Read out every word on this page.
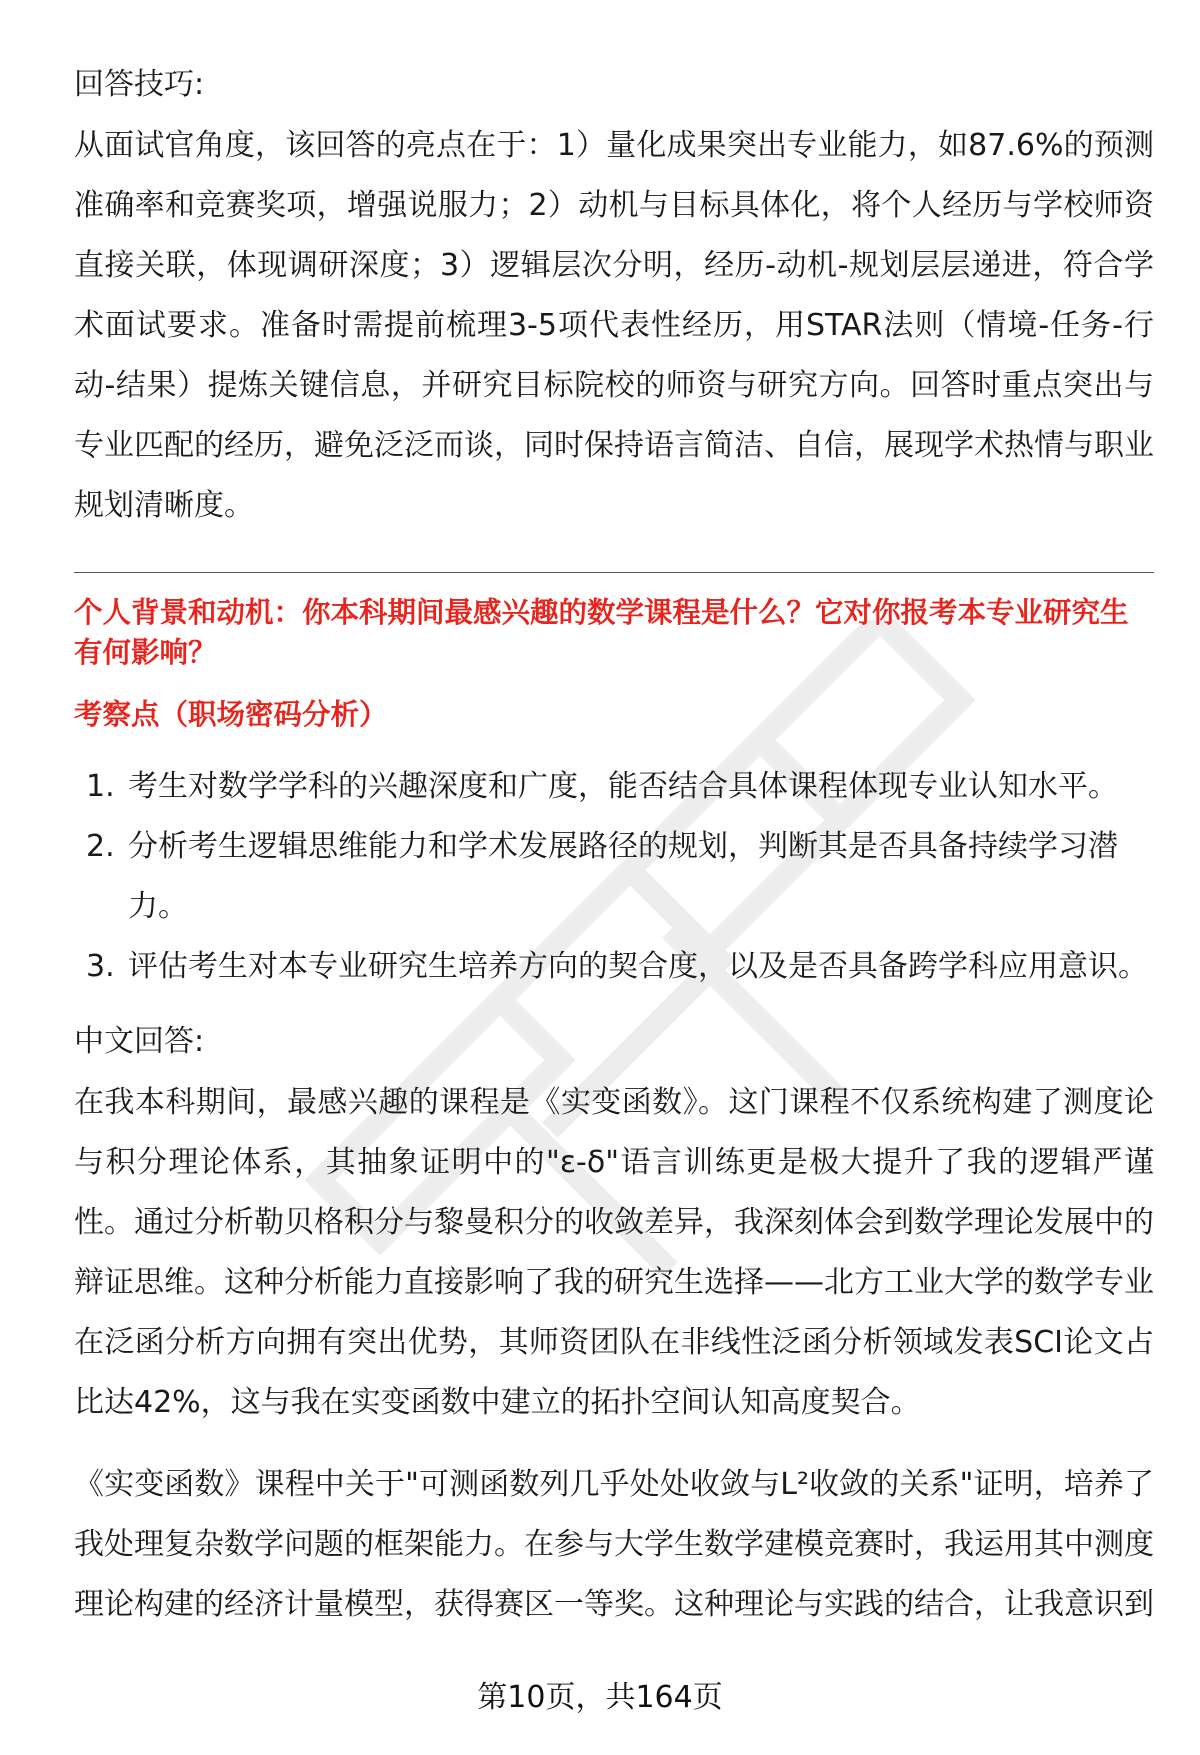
回答技巧:

从面试官角度，该回答的亮点在于：1）量化成果突出专业能力，如87.6%的预测准确率和竞赛奖项，增强说服力；2）动机与目标具体化，将个人经历与学校师资直接关联，体现调研深度；3）逻辑层次分明，经历-动机-规划层层递进，符合学术面试要求。准备时需提前梳理3-5项代表性经历，用STAR法则（情境-任务-行动-结果）提炼关键信息，并研究目标院校的师资与研究方向。回答时重点突出与专业匹配的经历，避免泛泛而谈，同时保持语言简洁、自信，展现学术热情与职业规划清晰度。

个人背景和动机：你本科期间最感兴趣的数学课程是什么？它对你报考本专业研究生有何影响？

考察点（职场密码分析）

1. 考生对数学学科的兴趣深度和广度，能否结合具体课程体现专业认知水平。
2. 分析考生逻辑思维能力和学术发展路径的规划，判断其是否具备持续学习潜力。
3. 评估考生对本专业研究生培养方向的契合度，以及是否具备跨学科应用意识。

中文回答:

在我本科期间，最感兴趣的课程是《实变函数》。这门课程不仅系统构建了测度论与积分理论体系，其抽象证明中的"ε-δ"语言训练更是极大提升了我的逻辑严谨性。通过分析勒贝格积分与黎曼积分的收敛差异，我深刻体会到数学理论发展中的辩证思维。这种分析能力直接影响了我的研究生选择——北方工业大学的数学专业在泛函分析方向拥有突出优势，其师资团队在非线性泛函分析领域发表SCI论文占比达42%，这与我在实变函数中建立的拓扑空间认知高度契合。

《实变函数》课程中关于"可测函数列几乎处处收敛与L²收敛的关系"证明，培养了我处理复杂数学问题的框架能力。在参与大学生数学建模竞赛时，我运用其中测度理论构建的经济计量模型，获得赛区一等奖。这种理论与实践的结合，让我意识到

第10页，共164页
